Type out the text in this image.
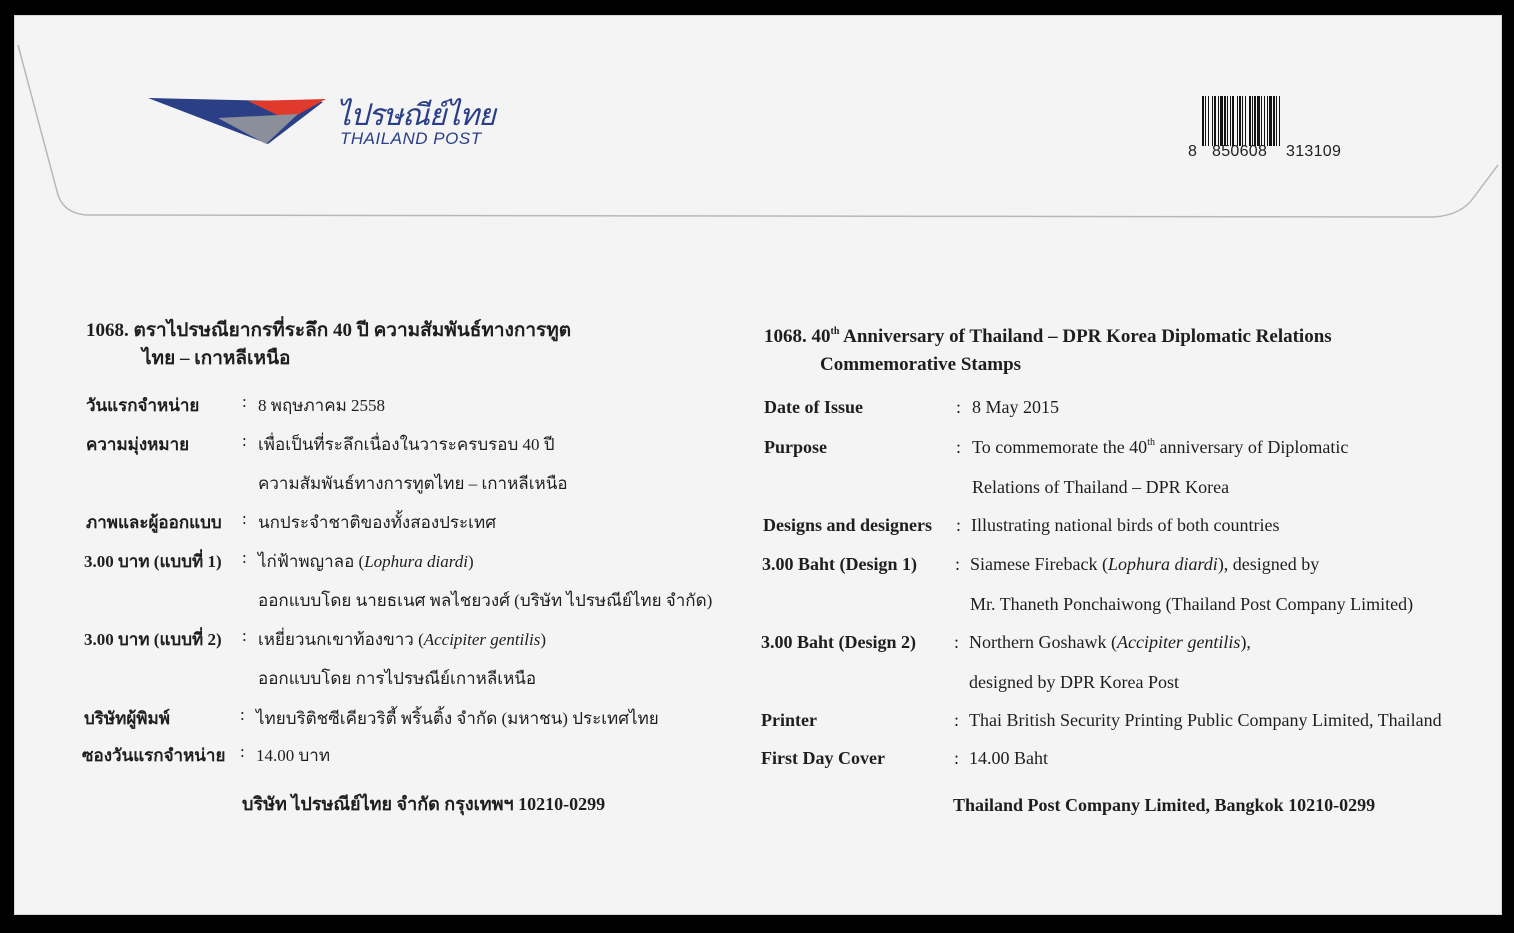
ไปรษณีย์ไทย
THAILAND POST
8 850608 313109
1068. ตราไปรษณียากรที่ระลึก 40 ปี ความสัมพันธ์ทางการทูต
ไทย – เกาหลีเหนือ
วันแรกจำหน่าย	: 8 พฤษภาคม 2558
ความมุ่งหมาย	: เพื่อเป็นที่ระลึกเนื่องในวาระครบรอบ 40 ปี
ความสัมพันธ์ทางการทูตไทย – เกาหลีเหนือ
ภาพและผู้ออกแบบ : นกประจำชาติของทั้งสองประเทศ
3.00 บาท (แบบที่ 1) : ไก่ฟ้าพญาลอ (Lophura diardi)
ออกแบบโดย นายธเนศ พลไชยวงศ์ (บริษัท ไปรษณีย์ไทย จำกัด)
3.00 บาท (แบบที่ 2) : เหยี่ยวนกเขาท้องขาว (Accipiter gentilis)
ออกแบบโดย การไปรษณีย์เกาหลีเหนือ
บริษัทผู้พิมพ์	: ไทยบริติชซีเคียวริตี้ พริ้นติ้ง จำกัด (มหาชน) ประเทศไทย
ซองวันแรกจำหน่าย : 14.00 บาท
บริษัท ไปรษณีย์ไทย จำกัด กรุงเทพฯ 10210-0299
1068. 40th Anniversary of Thailand – DPR Korea Diplomatic Relations
Commemorative Stamps
Date of Issue	: 8 May 2015
Purpose	: To commemorate the 40th anniversary of Diplomatic
Relations of Thailand – DPR Korea
Designs and designers : Illustrating national birds of both countries
3.00 Baht (Design 1) : Siamese Fireback (Lophura diardi), designed by
Mr. Thaneth Ponchaiwong (Thailand Post Company Limited)
3.00 Baht (Design 2) : Northern Goshawk (Accipiter gentilis),
designed by DPR Korea Post
Printer	: Thai British Security Printing Public Company Limited, Thailand
First Day Cover	: 14.00 Baht
Thailand Post Company Limited, Bangkok 10210-0299
